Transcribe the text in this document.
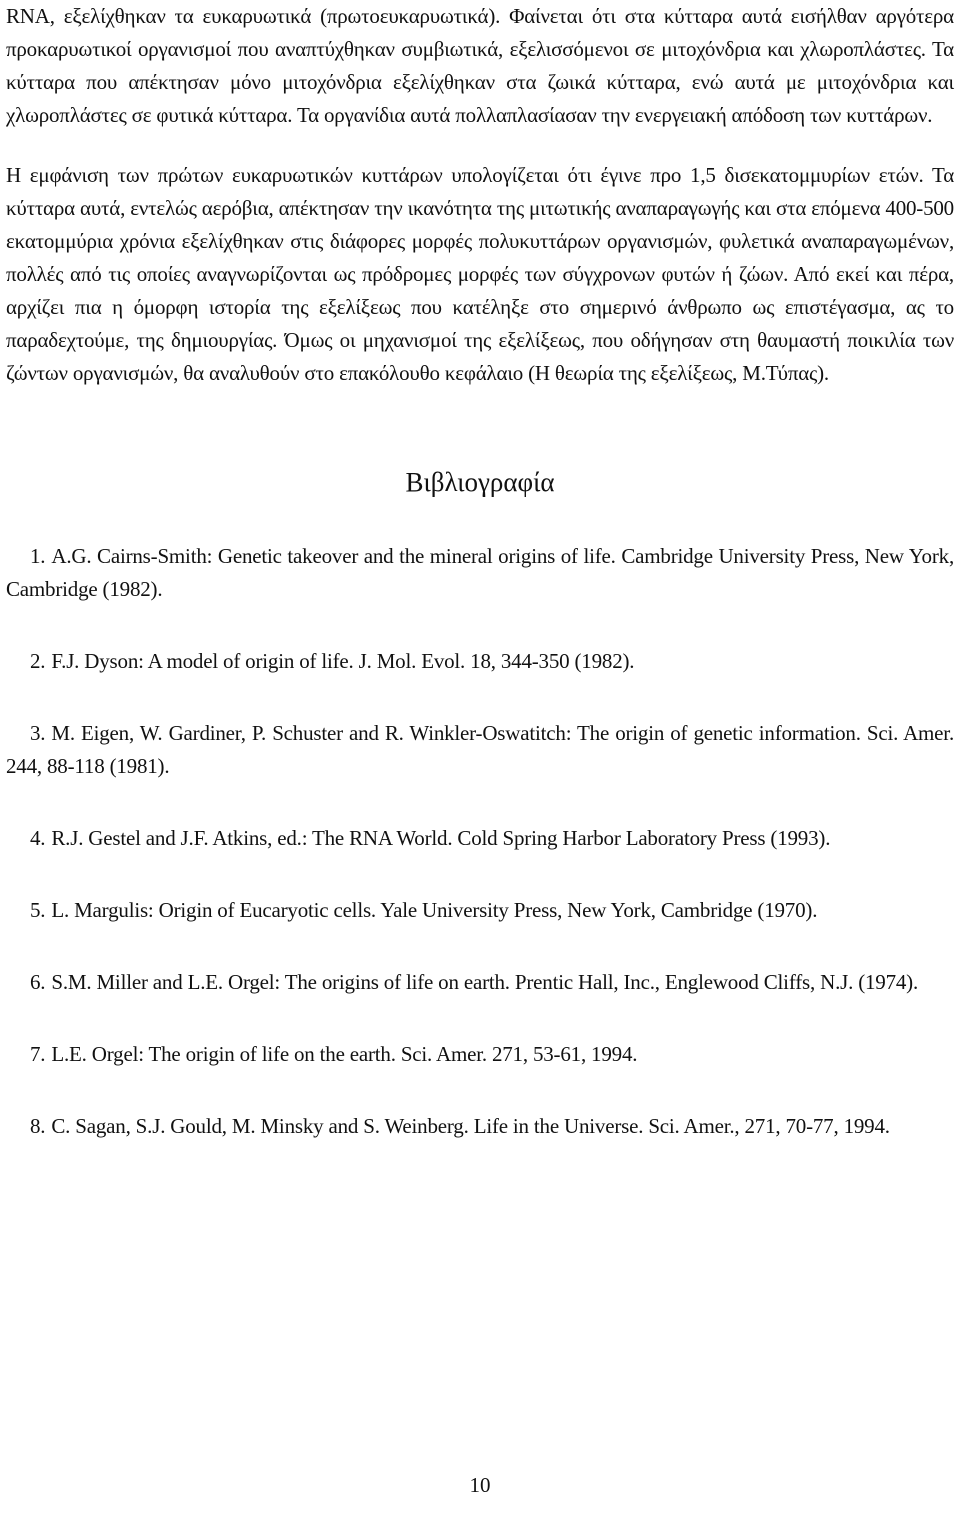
RNA, εξελίχθηκαν τα ευκαρυωτικά (πρωτοευκαρυωτικά). Φαίνεται ότι στα κύτταρα αυτά εισήλθαν αργότερα προκαρυωτικοί οργανισμοί που αναπτύχθηκαν συμβιωτικά, εξελισσόμενοι σε μιτοχόνδρια και χλωροπλάστες. Τα κύτταρα που απέκτησαν μόνο μιτοχόνδρια εξελίχθηκαν στα ζωικά κύτταρα, ενώ αυτά με μιτοχόνδρια και χλωροπλάστες σε φυτικά κύτταρα. Τα οργανίδια αυτά πολλαπλασίασαν την ενεργειακή απόδοση των κυττάρων.

Η εμφάνιση των πρώτων ευκαρυωτικών κυττάρων υπολογίζεται ότι έγινε προ 1,5 δισεκατομμυρίων ετών. Τα κύτταρα αυτά, εντελώς αερόβια, απέκτησαν την ικανότητα της μιτωτικής αναπαραγωγής και στα επόμενα 400-500 εκατομμύρια χρόνια εξελίχθηκαν στις διάφορες μορφές πολυκυττάρων οργανισμών, φυλετικά αναπαραγωμένων, πολλές από τις οποίες αναγνωρίζονται ως πρόδρομες μορφές των σύγχρονων φυτών ή ζώων. Από εκεί και πέρα, αρχίζει πια η όμορφη ιστορία της εξελίξεως που κατέληξε στο σημερινό άνθρωπο ως επιστέγασμα, ας το παραδεχτούμε, της δημιουργίας. Όμως οι μηχανισμοί της εξελίξεως, που οδήγησαν στη θαυμαστή ποικιλία των ζώντων οργανισμών, θα αναλυθούν στο επακόλουθο κεφάλαιο (Η θεωρία της εξελίξεως, Μ.Τύπας).

Βιβλιογραφία
1. A.G. Cairns-Smith: Genetic takeover and the mineral origins of life. Cambridge University Press, New York, Cambridge (1982).
2. F.J. Dyson: A model of origin of life. J. Mol. Evol. 18, 344-350 (1982).
3. M. Eigen, W. Gardiner, P. Schuster and R. Winkler-Oswatitch: The origin of genetic information. Sci. Amer. 244, 88-118 (1981).
4. R.J. Gestel and J.F. Atkins, ed.: The RNA World. Cold Spring Harbor Laboratory Press (1993).
5. L. Margulis: Origin of Eucaryotic cells. Yale University Press, New York, Cambridge (1970).
6. S.M. Miller and L.E. Orgel: The origins of life on earth. Prentic Hall, Inc., Englewood Cliffs, N.J. (1974).
7. L.E. Orgel: The origin of life on the earth. Sci. Amer. 271, 53-61, 1994.
8. C. Sagan, S.J. Gould, M. Minsky and S. Weinberg. Life in the Universe. Sci. Amer., 271, 70-77, 1994.
10
